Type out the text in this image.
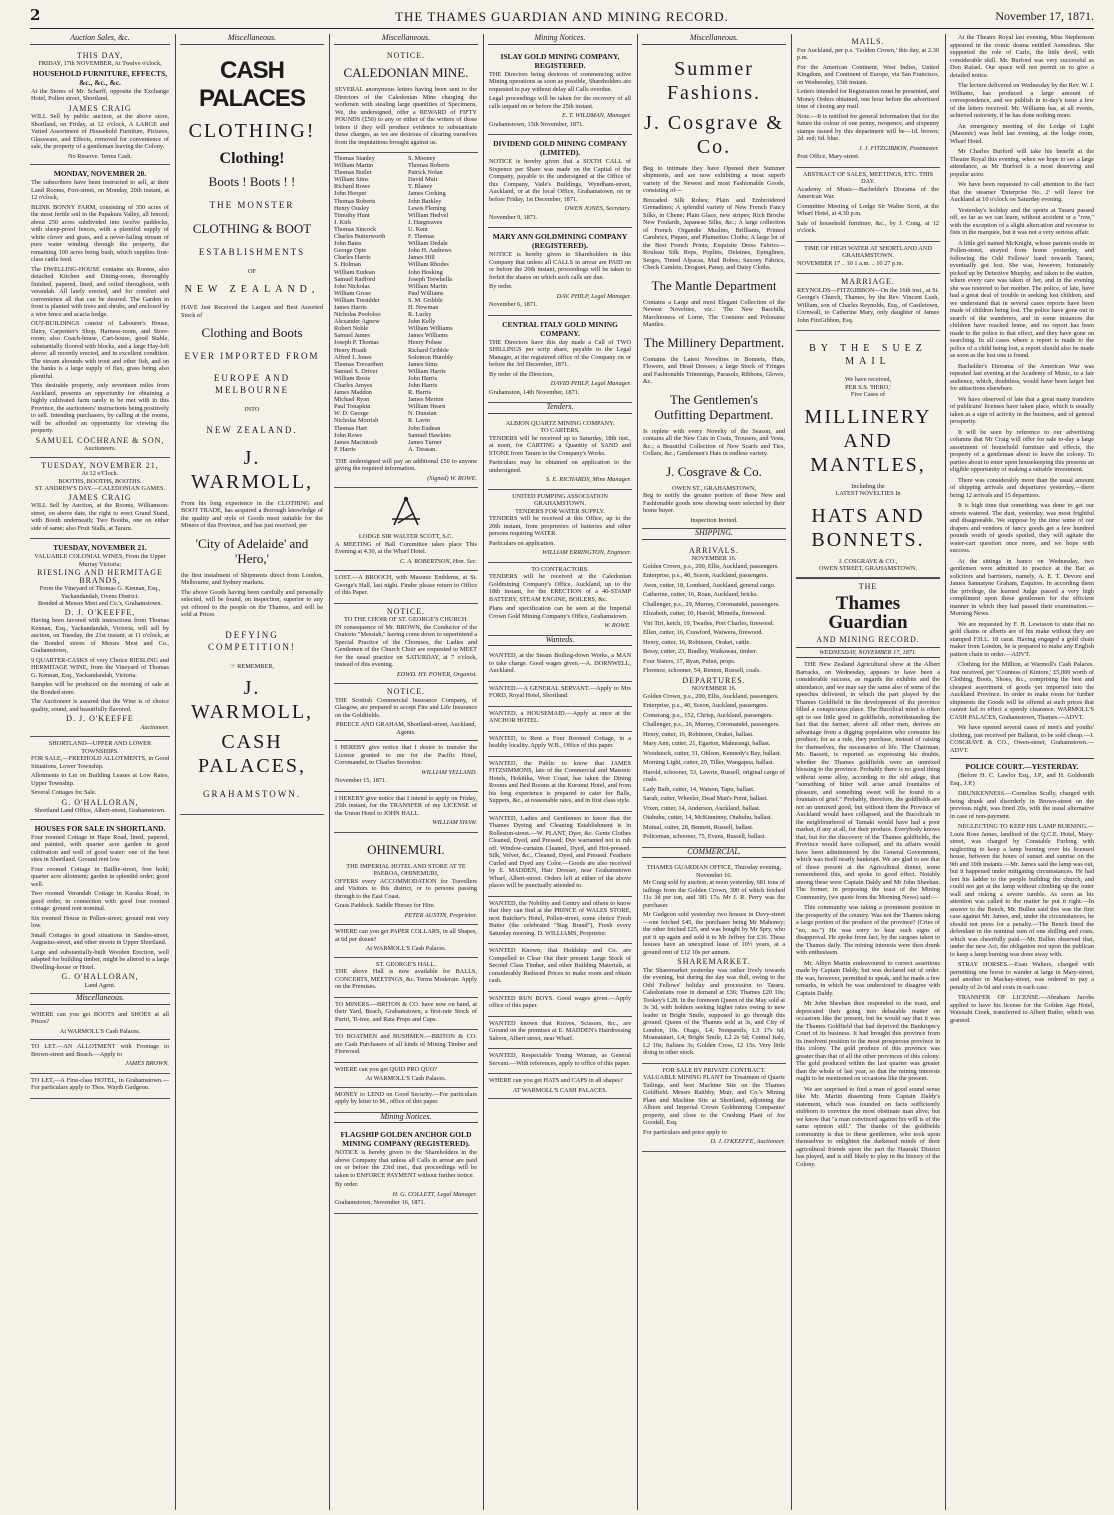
2	THE THAMES GUARDIAN AND MINING RECORD.	November 17, 1871.
Auction Sales, &c.
THIS DAY,
FRIDAY, 17th NOVEMBER, At Twelve o'clock,
HOUSEHOLD FURNITURE, EFFECTS, &c., &c., &c.

At the Stores of Mr. Scherff, opposite the Exchange Hotel, Pollen street, Shortland.

JAMES CRAIG

WILL Sell by public auction, at the above store, Shortland, on Friday, at 12 o'clock, A LARGE and Varied Assortment of Household Furniture, Pictures, Glassware, and Effects, removed for convenience of sale, the property of a gentleman leaving the Colony.

No Reserve. Terms Cash.
MONDAY, NOVEMBER 20.

The subscribers have been instructed to sell, at their Land Rooms, Fort-street, on Monday, 20th instant, at 12 o'clock,

BLINK BONNY FARM, consisting of 350 acres of the most fertile soil in the Papakura Valley, all fenced; about 250 acres subdivided into twelve paddocks, with sheep-proof fences, with a plentiful supply of white clover and grass, and a never-failing stream of pure water winding through the property, the remaining 100 acres being bush, which supplies first-class cattle feed.

The DWELLING-HOUSE contains six Rooms, also detached Kitchen and Dining-room, thoroughly finished, papered, lined, and ceiled throughout, with verandah. All lately erected, and for comfort and convenience all that can be desired. The Garden in front is planted with trees and shrubs, and enclosed by a wire fence and acacia hedge.

OUT-BUILDINGS consist of Labourer's House, Dairy, Carpenter's Shop, Harness-room, and Store-room; also Coach-house, Cart-house, good Stable, substantially floored with blocks, and a large Hay-loft above: all recently erected, and in excellent condition. The stream abounds with trout and other fish, and on the banks is a large supply of flax, grass being also plentiful.

This desirable property, only seventeen miles from Auckland, presents an opportunity for obtaining a highly cultivated farm rarely to be met with in this Province, the auctioneers' instructions being positively to sell. Intending purchasers, by calling at the rooms, will be afforded an opportunity for viewing the property.

SAMUEL COCHRANE & SON,
Auctioneers.
TUESDAY, NOVEMBER 21,
At 12 o'Clock.
BOOTHS, BOOTHS, BOOTHS.
ST. ANDREW'S DAY.—CALEDONIAN GAMES.
JAMES CRAIG

WILL Sell by Auction, at the Rooms, Williamson-street, on above date, the right to erect Grand Stand, with Booth underneath; Two Booths, one on either side of same; also Fruit Stalls, at Tararu.

TUESDAY, NOVEMBER 21.
VALUABLE COLONIAL WINES, From the Upper Murray Victoria;
RIESLING AND HERMITAGE BRANDS,
From the Vineyard of Thomas G. Kennan, Esq., Yackandandah, Ovens District.
Bonded at Messrs Mest and Co.'s, Grahamstown.
D. J. O'KEEFFE,

Having been favored with instructions from Thomas Kennan, Esq., Yackandandah, Victoria, will sell by auction, on Tuesday, the 21st instant, at 11 o'clock, at the Bonded stores of Messrs Mest and Co., Grahamstown,

9 QUARTER-CASKS of very Choice RIESLING and HERMITAGE WINE, from the Vineyard of Thomas G. Kennan, Esq., Yackandandah, Victoria.

Samples will be produced on the morning of sale at the Bonded store.

The Auctioneer is assured that the Wine is of choice quality, sound, and beautifully flavored.

D. J. O'KEEFFE
Auctioneer.
SHORTLAND—UPPER AND LOWER TOWNSHIPS.

FOR SALE,—FREEHOLD ALLOTMENTS, in Good Situations, Lower Township.

Allotments to Let on Building Leases at Low Rates, Upper Township.

Several Cottages for Sale.

G. O'HALLORAN,
Shortland Land Office, Albert-street, Grahamstown.
HOUSES FOR SALE IN SHORTLAND.

Four roomed Cottage in Hape Road, lined, papered, and painted, with quarter acre garden in good cultivation and well of good water: one of the best sites in Shortland. Ground rent low.

Four roomed Cottage in Baillie-street, free hold; quarter acre allotment; garden in splendid order; good well.

Two roomed Verandah Cottage in Karaka Road, in good order, in connection with good four roomed cottage: ground rent nominal.

Six roomed House in Pollen-street; ground rent very low.

Small Cottages in good situations in Sandes-street, Augustus-street, and other streets in Upper Shortland.

Large and substantially-built Wooden Erection, well adapted for building timber, might be altered to a large Dwelling-house or Hotel.

G. O'HALLORAN,
Land Agent.
Miscellaneous.

WHERE can you get BOOTS and SHOES at all Prices?

At WARMOLL'S Cash Palaces.

TO LET.—AN ALLOTMENT with Frontage to Brown-street and Beach.—Apply to

JAMES BROWN.

TO LET,—A First-class HOTEL, in Grahamstown.—For particulars apply to Thos. Wayth Gudgeon.

Miscellaneous.
CASH PALACES
CLOTHING!
Clothing!
Boots ! Boots ! !
THE MONSTER
CLOTHING & BOOT
ESTABLISHMENTS
OF
NEW ZEALAND,

HAVE Just Received the Largest and Best Assorted Stock of

Clothing and Boots
EVER IMPORTED FROM
EUROPE AND MELBOURNE
INTO
NEW ZEALAND.
J. WARMOLL,

From his long experience in the CLOTHING and BOOT TRADE, has acquired a thorough knowledge of the quality and style of Goods most suitable for the Miners of this Province, and has just received, per

'City of Adelaide' and 'Hero,'

the first instalment of Shipments direct from London, Melbourne, and Sydney markets.

The above Goods having been carefully and personally selected, will be found, on inspection, superior to any yet offered to the people on the Thames, and will be sold at Prices

DEFYING COMPETITION!
☞ REMEMBER,
J. WARMOLL,
CASH PALACES,
GRAHAMSTOWN.
Miscellaneous.
NOTICE.
CALEDONIAN MINE.

SEVERAL anonymous letters having been sent to the Directors of the Caledonian Mine charging the workmen with stealing large quantities of Specimens, We, the undersigned, offer a REWARD of FIFTY POUNDS (£50) to any or either of the writers of those letters if they will produce evidence to substantiate those charges, as we are desirous of clearing ourselves from the imputations brought against us.

Thomas Stanley
William Martin
Thomas Butler
William Sims
Richard Rowe
John Hooper
Thomas Roberts
Henry Ousley
Timothy Hunt
J. Kirk
Thomas Sincock
Charles Butterworth
John Bates
George Opie
Charles Harris
S. Holman
William Eudean
Samuel Radford
John Nicholas
William Grose
William Tresidder
James Harris
Nicholas Poololoo
Alexander Agnew
Robert Noble
Samuel James
Joseph P. Thomas
Henry Hoath
Alfred J. Jones
Thomas Trevarthen
Samuel S. Driver
William Rosie
Charles Amyes
James Maddon
Michael Ryan
Paul Tonapkin
W. D. George
Nicholas Morrish
Thomas Hart
John Rowe
James Macintosh
P. Harris
S. Mooney
Thomas Roberts
Patrick Nolan
David Muir
T. Blaney
James Corking
John Barkley
Lewis Fleming
William Hedvel
J. Hargreaves
U. Kent
F. Thomas
William Dedale
John H. Andrews
James Hill
William Rhodes
John Hosking
Joseph Trewhella
William Martin
Paul Williams
S. M. Gribble
H. Newman
R. Lucky
John Kelly
William Williams
James Williams
Henry Polsue
Richard Gribble
Solomon Humbly
James Sims
William Harris
John Harris
John Harris
R. Harris
James Merton
William Hearn
N. Dunstan
R. Lavin
John Eudean
Samuel Hawkins
James Turner
A. Treasan.

THE undersigned will pay an additional £50 to anyone giving the required information.

(Signed) W. ROWE.
LODGE SIR WALTER SCOTT, S.C.

A MEETING of Ball Committee takes place This Evening at 4.30, at the Wharf Hotel.

C. A. ROBERTSON, Hon. Sec.

LOST.—A BROOCH, with Masonic Emblems, at St. George's Hall, last night. Finder please return to Office of this Paper.

NOTICE.
TO THE CHOIR OF ST. GEORGE'S CHURCH.

IN consequence of Mr. BROWN, the Conductor of the Oratorio "Messiah," having come down to superintend a Special Practice of the Choruses, the Ladies and Gentlemen of the Church Choir are requested to MEET for the usual practice on SATURDAY, at 7 o'clock, instead of this evening.

EDWD. HY. POWER, Organist.
NOTICE.

THE Scottish Commercial Insurance Company, of Glasgow, are prepared to accept Fire and Life Insurance on the Goldfields.

PREECE AND GRAHAM, Shortland-street, Auckland, Agents.

I HEREBY give notice that I desire to transfer the License granted to me for the Pacific Hotel, Coromandel, to Charles Snowdon.

WILLIAM YELLAND.

November 15, 1871.

I HEREBY give notice that I intend to apply on Friday, 25th instant, for the TRANSFER of my LICENSE of the Union Hotel to JOHN HALL.

WILLIAM SHAW.
OHINEMURI.
THE IMPERIAL HOTEL AND STORE AT TE PAEROA, OHINEMURI,

OFFERS every ACCOMMODATION for Travellers and Visitors to this district, or to persons passing through to the East Coast.

Grass Paddock. Saddle Horses for Hire.

PETER AUSTIN, Proprietor.

WHERE can you get PAPER COLLARS, in all Shapes, at 6d per dozen?

At WARMOLL'S Cash Palaces.
ST. GEORGE'S HALL.

THE above Hall is now available for BALLS, CONCERTS, MEETINGS, &c. Terms Moderate. Apply on the Premises.

TO MINERS.—BRITON & CO. have now on hand, at their Yard, Beach, Grahamstown, a first-rate Stock of Puriri, Ti-tree, and Rata Props and Caps.

TO BOATMEN and BUSHMEN.—BRITON & CO. are Cash Purchasers of all kinds of Mining Timber and Firewood.

WHERE can you get QUID PRO QUO?

At WARMOLL'S Cash Palaces.

MONEY to LEND on Good Security.—For particulars apply by letter to M., office of this paper.

Mining Notices.
FLAGSHIP GOLDEN ANCHOR GOLD MINING COMPANY (REGISTERED).

NOTICE is hereby given to the Shareholders in the above Company that unless all Calls in arrear are paid on or before the 23rd inst., that proceedings will be taken to ENFORCE PAYMENT without further notice.

By order.

H. G. COLLETT, Legal Manager.

Grahamstown, November 16, 1871.

Mining Notices.
ISLAY GOLD MINING COMPANY, REGISTERED.

THE Directors being desirous of commencing active Mining operations as soon as possible, Shareholders are requested to pay without delay all Calls overdue.

Legal proceedings will be taken for the recovery of all calls unpaid on or before the 25th instant.

E. T. WILDMAN, Manager.

Grahamstown, 15th November, 1871.

DIVIDEND GOLD MINING COMPANY (LIMITED).

NOTICE is hereby given that a SIXTH CALL of Sixpence per Share was made on the Capital of the Company, payable to the undersigned at the Office of this Company, Vaile's Buildings, Wyndham-street, Auckland, or at the local Office, Grahamstown, on or before Friday, 1st December, 1871.

OWEN JONES, Secretary.

November 9, 1871.

MARY ANN GOLDMINING COMPANY (REGISTERED).

NOTICE is hereby given to Shareholders in this Company that unless all CALLS in arrear are PAID on or before the 20th instant, proceedings will be taken to forfeit the shares on which such calls are due.

By order.

DAV. PHILP, Legal Manager.

November 6, 1871.

CENTRAL ITALY GOLD MINING COMPANY.

THE Directors have this day made a Call of TWO SHILLINGS per scrip share, payable to the Legal Manager, at the registered office of the Company on or before the 3rd December, 1871.

By order of the Directors,

DAVID PHILP, Legal Manager.

Grahamston, 14th November, 1871.

Tenders.
ALBION QUARTZ MINING COMPANY.
TO CARTERS.

TENDERS will be received up to Saturday, 18th inst., at noon, for CARTING a Quantity of SAND and STONE from Tararu to the Company's Works.

Particulars may be obtained on application to the undersigned.

S. E. RICHARDS, Mine Manager.
UNITED PUMPING ASSOCIATION GRAHAMSTOWN.
TENDERS FOR WATER SUPPLY.

TENDERS will be received at this Office, up to the 20th instant, from proprietors of batteries and other persons requiring WATER.

Particulars on application.

WILLIAM ERRINGTON, Engineer.
TO CONTRACTORS.

TENDERS will be received at the Caledonian Goldmining Company's Office, Auckland, up to the 18th instant, for the ERECTION of a 40-STAMP BATTERY, STEAM ENGINE, BOILERS, &c.

Plans and specification can be seen at the Imperial Crown Gold Mining Company's Office, Grahamstown.

W. ROWE.
Wanteds.

WANTED, at the Steam Boiling-down Works, a MAN to take charge. Good wages given.—A. DORNWELL, Auckland.

WANTED.—A GENERAL SERVANT.—Apply to Mrs FORD, Royal Hotel, Shortland.

WANTED, a HOUSEMAID.—Apply at once at the ANCHOR HOTEL.

WANTED, to Rent a Four Roomed Cottage, in a healthy locality. Apply W.B., Office of this paper.

WANTED, the Public to know that JAMES FITZSIMMONS, late of the Commercial and Masonic Hotels, Hokitika, West Coast, has taken the Dining Rooms and Bed Rooms at the Kurunui Hotel, and from his long experience is prepared to cater for Balls, Suppers, &c., at reasonable rates, and in first class style.

WANTED, Ladies and Gentlemen to know that the Thames Dyeing and Cleaning Establishment is in Rolleston-street.—W. PLANT, Dyer, &c. Gents Clothes Cleaned, Dyed, and Pressed; Dye warranted not to rub off. Window-curtains Cleaned, Dyed, and Hot-pressed. Silk, Velvet, &c., Cleaned, Dyed, and Pressed. Feathers Curled and Dyed any Color.—Goods are also received by E. MADDEN, Hair Dresser, near Grahamstown Wharf, Albert-street. Orders left at either of the above places will be punctually attended to.

WANTED, the Nobility and Gentry and others to know that they can find at the PRINCE of WALES STORE, next Butcher's Hotel, Pollen-street, some choice Fresh Butter (the celebrated "Stag Brand"), Fresh every Saturday morning. D. WILLIAMS, Proprietor.

WANTED Known, that Holdship and Co. are Compelled to Clear Out their present Large Stock of Second Class Timber, and other Building Materials, at considerably Reduced Prices to make room and obtain cash.

WANTED RUN BOYS. Good wages given.—Apply office of this paper.

WANTED known that Knives, Scissors, &c., are Ground on the premises at E. MADDEN's Hairdressing Saloon, Albert street, near Wharf.

WANTED, Respectable Young Woman, as General Servant.—With references, apply to office of this paper.

WHERE can you get HATS and CAPS in all shapes?

AT WARMOLL'S CASH PALACES.
Miscellaneous.
Summer Fashions.
J. Cosgrave & Co.

Beg to intimate they have Opened their Summer shipments, and are now exhibiting a most superb variety of the Newest and most Fashionable Goods, consisting of—

Brocaded Silk Robes; Plain and Embroidered Grenadines; A splendid variety of New French Fancy Silks, in Chene; Plain Glace, new stripes; Rich Broche New Foulards, Japanese Silks, &c.; A large collection of French Organdie Muslins, Brilliants, Printed Cambrics, Piques, and Plumetties Cloths; A large lot of the Best French Prints; Exquisite Dress Fabrics—Rouleau Silk Reps, Poplins, Delaines, Epinglines, Serges, Tinted Alpacas, Mail Robes; Saxony Fabrics, Check Camlets; Droguet, Pansy, and Daisy Cloths.

The Mantle Department

Contains a Large and most Elegant Collection of the Newest Novelties, viz.: The New Baschilk, Marchioness of Lorne, The Costume and Polonaise Mantles.

The Millinery Department.

Contains the Latest Novelties in Bonnets, Hats, Flowers, and Head Dresses; a large Stock of Fringes and Fashionable Trimmings, Parasols, Ribbons, Gloves, &c.

The Gentlemen's Outfitting Department.

Is replete with every Novelty of the Season, and contains all the New Cuts in Coats, Trousers, and Vests, &c.; a Beautiful Collection of New Scarfs and Ties, Collars, &c.; Gentlemen's Hats in endless variety.

J. Cosgrave & Co.
OWEN ST., GRAHAMSTOWN,

Beg to notify the greater portion of these New and Fashionable goods now showing were selected by their home buyer.

Inspection Invited.
SHIPPING.
ARRIVALS.
NOVEMBER 16.

Golden Crown, p.s., 200, Ellis, Auckland, passengers.

Enterprise, p.s., 40, Sceon, Auckland, passengers.

Avon, cutter, 18, Lombard, Auckland, general cargo.

Catherine, cutter, 16, Roan, Auckland, bricks.

Challenger, p.s., 29, Murray, Coromandel, passengers.

Elizabeth, cutter, 10, Harold, Mimeila, firewood.

Viri Tiri, ketch, 19, Twailes, Port Charles, firewood.

Ellen, cutter, 16, Crawford, Waiwera, firewood.

Henry, cutter, 16, Robinson, Orakei, cattle.

Bessy, cutter, 23, Bradley, Waikawau, timber.

Four Sisters, 17, Ryan, Puhoi, props.

Florence, schooner, 54, Renton, Russell, coals.

DEPARTURES.
NOVEMBER 16.

Golden Crown, p.s., 200, Ellis, Auckland, passengers.

Enterprise, p.s., 40, Sceon, Auckland, passengers.

Comerang, p.s., 152, Chrisp, Auckland, passengers.

Challenger, p.s., 26, Murray, Coromandel, passengers.

Henry, cutter, 16, Robinson, Orakei, ballast.

Mary Ann, cutter, 21, Egarton, Mahurangi, ballast.

Woodstock, cutter, 31, Ohlson, Kennedy's Bay, ballast.

Morning Light, cutter, 29, Tiller, Wangapoa, ballast.

Harold, schooner, 53, Lawrie, Russell, original cargo of coals.

Lady Bath, cutter, 14, Watson, Tapu, ballast.

Sarah, cutter, Wheeler, Dead Man's Point, ballast.

Vixen, cutter, 14, Anderson, Auckland, ballast.

Otahuhu, cutter, 14, McKinninny, Otahuhu, ballast.

Mutual, cutter, 28, Bennett, Russell, ballast.

Policeman, schooner, 75, Evans, Russell, ballast.

COMMERCIAL.
THAMES GUARDIAN OFFICE, Thursday evening, November 16.

Mr Craig sold by auction, at noon yesterday, 681 tons of tailings from the Golden Crown, 300 of which fetched 11s 3d per ton, and 381 17s. Mr J. R. Perry was the purchaser.

Mr Gudgeon sold yesterday two houses in Davy-street—one fetched £45, the purchaser being Mr Mahoney; the other fetched £25, and was bought by Mr Spry, who put it up again and sold it to Mr Jeffrey for £36. These houses have an unexpired lease of 10½ years, at a ground rent of £12 10s per annum.

SHAREMARKET.

The Sharemarket yesterday was rather lively towards the evening, but during the day was dull, owing to the Odd Fellows' holiday and procession to Tararu. Caledonians rose in demand at £36; Thames £20 10s; Tookey's L28. In the forenoon Queen of the May sold at 3s 3d, with holders seeking higher rates owing to new leader in Bright Smile, supposed to go through this ground. Queen of the Thames sold at 3s, and City of London, 10s. Otago, L4; Nonpareils, L3 17s 6d; Moanataiari, L4; Bright Smile, L2 2s 6d; Central Italy, L2 10s; Italians 3s; Golden Cross, 12 15s. Very little doing in other stock.

FOR SALE BY PRIVATE CONTRACT.

VALUABLE MINING PLANT for Treatment of Quartz Tailings, and best Machine Site on the Thames Goldfield. Messrs Raithby, Muir, and Co.'s Mining Plant and Machine Site at Shortland, adjoining the Albion and Imperial Crown Goldmining Companies' property, and close to the Crushing Plant of Joe Goodall, Esq.

For particulars and price apply to

D. J. O'KEEFFE, Auctioneer.
MAILS.

For Auckland, per p.s. 'Golden Crown,' this day, at 2.30 p.m.

For the American Continent, West Indies, United Kingdom, and Continent of Europe, via San Francisco, on Wednesday, 13th instant.

Letters intended for Registration must be presented, and Money Orders obtained, one hour before the advertised time of closing any mail.

Note.—It is notified for general information that for the future the colour of one penny, twopence, and sixpenny stamps issued by this department will be—1d. brown; 2d. red; 6d. blue.

J. J. FITZGIBBON, Postmaster.

Post Office, Mary-street.

ABSTRACT OF SALES, MEETINGS, ETC. THIS DAY.

Academy of Music—Bachelder's Diorama of the American War.

Committee Meeting of Lodge Sir Walter Scott, at the Wharf Hotel, at 4.30 p.m.

Sale of household furniture, &c., by J. Craig, at 12 o'clock.

TIME OF HIGH WATER AT SHORTLAND AND GRAHAMSTOWN.

NOVEMBER 17 .. 10 1 a.m. .. 10 27 p.m.

MARRIAGE.

REYNOLDS—FITZGIBBON—On the 16th inst., at St. George's Church, Thames, by the Rev. Vincent Lush, William, son of Charles Reynolds, Esq., of Castletown, Cornwall, to Catherine Mary, only daughter of James John FitzGibbon, Esq.

BY THE SUEZ MAIL
We have received,
PER S.S. 'HERO,'
Five Cases of
MILLINERY AND MANTLES,
Including the
LATEST NOVELTIES In
HATS AND BONNETS.
J. COSGRAVE & CO.,
OWEN STREET, GRAHAMSTOWN.
THE
Thames Guardian
AND MINING RECORD.
WEDNESDAY, NOVEMBER 17, 1871.

THE New Zealand Agricultural show at the Albert Barracks, on Wednesday, appears to have been a considerable success, as regards the exhibits and the attendance, and we may say the same also of some of the speeches delivered, in which the part played by the Thames Goldfield in the development of the province filled a conspicuous place. The Bucolical mind is often apt to see little good in goldfields, notwithstanding the fact that the farmer, above all other men, derives an advantage from a digging population who consume his produce; for as a rule, they purchase, instead of raising for themselves, the necessaries of life. The Chairman, Mr. Bassett, is reported as expressing his doubts, whether the Thames goldfields were an unmixed blessing to the province. Probably there is no good thing without some alloy, according to the old adage, that "something of bitter will arise amid fountains of pleasure, and something sweet will be found in a fountain of grief." Probably, therefore, the goldfields are not an unmixed good, but without them the Province of Auckland would have collapsed, and the Bucolicals in the neighbourhood of Tamaki would have had a poor market, if any at all, for their produce. Everybody knows that, but for the discovery of the Thames goldfields, the Province would have collapsed, and its affairs would have been administered by the General Government, which was itself nearly bankrupt. We are glad to see that of those present at the Agricultural dinner, some remembered this, and spoke to good effect. Notably among these were Captain Daldy and Mr John Sheehan. The former, in proposing the toast of the Mining Community, (we quote from the Morning News) said:—

This community was taking a prominent position in the prosperity of the country. Was not the Thames taking a large portion of the produce of the province? (Cries of "no, no.") He was sorry to hear such signs of disapproval. He spoke from fact, by the cargoes taken to the Thames daily. The mining interests were then drunk with enthusiasm.

Mr. Albyn Martin endeavoured to correct assertions made by Captain Daldy, but was declared out of order. He was, however, permitted to speak, and he made a few remarks, in which he was understood to disagree with Captain Daldy.

Mr John Sheehan then responded to the toast, and deprecated their going into debatable matter on occasions like the present, but he would say that it was the Thames Goldfield that had deprived the Bankruptcy Court of its business. It had brought this province from its insolvent position to the most prosperous province in this colony. The gold produce of this province was greater than that of all the other provinces of this colony. The gold produced within the last quarter was greater than the whole of last year, so that the mining interests ought to be mentioned on occasions like the present.

We are surprised to find a man of good sound sense like Mr. Martin dissenting from Captain Daldy's statement, which was founded on facts sufficiently stubborn to convince the most obstinate man alive; but we know that "a man convinced against his will is of the same opinion still." The thanks of the goldfields community is due to these gentlemen, who took upon themselves to enlighten the darkened minds of their agricultural friends upon the part the Hauraki District has played, and is still likely to play in the history of the Colony.

At the Theatre Royal last evening, Miss Stephenson appeared in the comic drama entitled Asmodeus. She supported the role of Carlo, the little devil, with considerable skill. Mr. Burford was very successful as Don Rafael. Our space will not permit us to give a detailed notice.

The lecture delivered on Wednesday by the Rev. W. J. Williams, has produced a large amount of correspondence, and we publish in to-day's issue a few of the letters received. Mr. Williams has, at all events, achieved notoriety, if he has done nothing more.

An emergency meeting of the Lodge of Light (Masonic) was held last evening, at the lodge room, Wharf Hotel.

Mr Charles Burford will take his benefit at the Theatre Royal this evening, when we hope to see a large attendance, as Mr Burford is a most deserving and popular actor.

We have been requested to call attention to the fact that the steamer 'Enterprise No. 2' will leave for Auckland at 10 o'clock on Saturday evening.

Yesterday's holiday and the sports at Tararu passed off, so far as we can learn, without accident or a "row," with the exception of a slight altercation and recourse to fists in the marquee, but it was not a very serious affair.

A little girl named McKnight, whose parents reside in Pollen-street, strayed from home yesterday, and following the Odd Fellows' band towards Tararu, eventually got lost. She was, however, fortunately picked up by Detective Murphy, and taken to the station, where every care was taken of her, and in the evening she was restored to her mother. The police, of late, have had a great deal of trouble in seeking lost children, and we understand that in several cases reports have been made of children being lost. The police have gone out in search of the wanderers, and in some instances the children have reached home, and no report has been made to the police to that effect, and they have gone on searching. In all cases where a report is made to the police of a child being lost, a report should also be made as soon as the lost one is found.

Bachelder's Diorama of the American War was repeated last evening at the Academy of Music, to a fair audience, which, doubtless, would have been larger but for attractions elsewhere.

We have observed of late that a great many transfers of publicans' licenses have taken place, which is usually taken as a sign of activity in the business, and of general prosperity.

It will be seen by reference to our advertising columns that Mr Craig will offer for sale to-day a large assortment of household furniture and effects, the property of a gentleman about to leave the colony. To parties about to enter upon housekeeping this presents an eligible opportunity of making a suitable investment.

There was considerably more than the usual amount of shipping arrivals and departures yesterday,—there being 12 arrivals and 15 departures.

It is high time that something was done to get our streets watered. The dust, yesterday, was most frightful and disagreeable. We suppose by the time some of our drapers and vendors of fancy goods get a few hundred pounds worth of goods spoiled, they will agitate the water-cart question once more, and we hope with success.

At the sittings in banco on Wednesday, two gentlemen were admitted to practice at the Bar as solicitors and barristers, namely, A. E. T. Devore and James Sannatyne Graham, Esquires. In according them the privilege, the learned Judge passed a very high compliment upon these gentlemen for the efficient manner in which they had passed their examination.—Morning News.

We are requested by F. H. Lewisson to state that no gold chains or alberts are of his make without they are stamped F.H.L. 18 carat. Having engaged a gold chain maker from London, he is prepared to make any English pattern chain to order.—ADVT.

Clothing for the Million, at Warmoll's Cash Palaces. Just received, per 'Countess of Kintore,' £5,000 worth of Clothing, Boots, Shoes, &c., comprising the best and cheapest assortment of goods yet imported into the Auckland Province. In order to make room for further shipments the Goods will be offered at such prices that cannot fail to effect a speedy clearance. WARMOLL'S CASH PALACES, Grahamstown, Thames.—ADVT.

We have opened several cases of men's and youths' clothing, just received per Ballarat, to be sold cheap.—J. COSGRAVE & CO., Owen-street, Grahamstown.—ADVT.

POLICE COURT.—YESTERDAY.

(Before H. C. Lawlor Esq., J.P., and H. Goldsmith Esq., J.P.)

DRUNKENNESS.—Cornelius Scully, charged with being drunk and disorderly in Brown-street on the previous night, was fined 20s, with the usual alternative in case of non-payment.

NEGLECTING TO KEEP HIS LAMP BURNING.—Louis Rose James, landlord of the Q.C.E. Hotel, Mary-street, was charged by Constable Furlong with neglecting to keep a lamp burning over his licensed house, between the hours of sunset and sunrise on the 9th and 10th instants.—Mr. James said the lamp was out, but it happened under mitigating circumstances. He had lent his ladder to the people building the church, and could not get at the lamp without climbing up the outer wall and risking a severe tumble. As soon as his attention was called to the matter he put it right.—In answer to the Bench, Mr. Bullen said this was the first case against Mr. James, and, under the circumstances, he should not press for a penalty.—The Bench fined the defendant in the nominal sum of one shilling and costs, which was cheerfully paid.—Mr. Bullen observed that, under the new Act, the obligation rest upon the publican to keep a lamp burning was done away with.

STRAY HORSES.—Esau Walters, charged with permitting one horse to wander at large in Mary-street, and another in Mackay-street, was ordered to pay a penalty of 2s 6d and costs in each case.

TRANSFER OF LICENSE.—Abraham Jacobs applied to have his license for the Golden Age Hotel, Waiotahi Creek, transferred to Albert Butler, which was granted.
